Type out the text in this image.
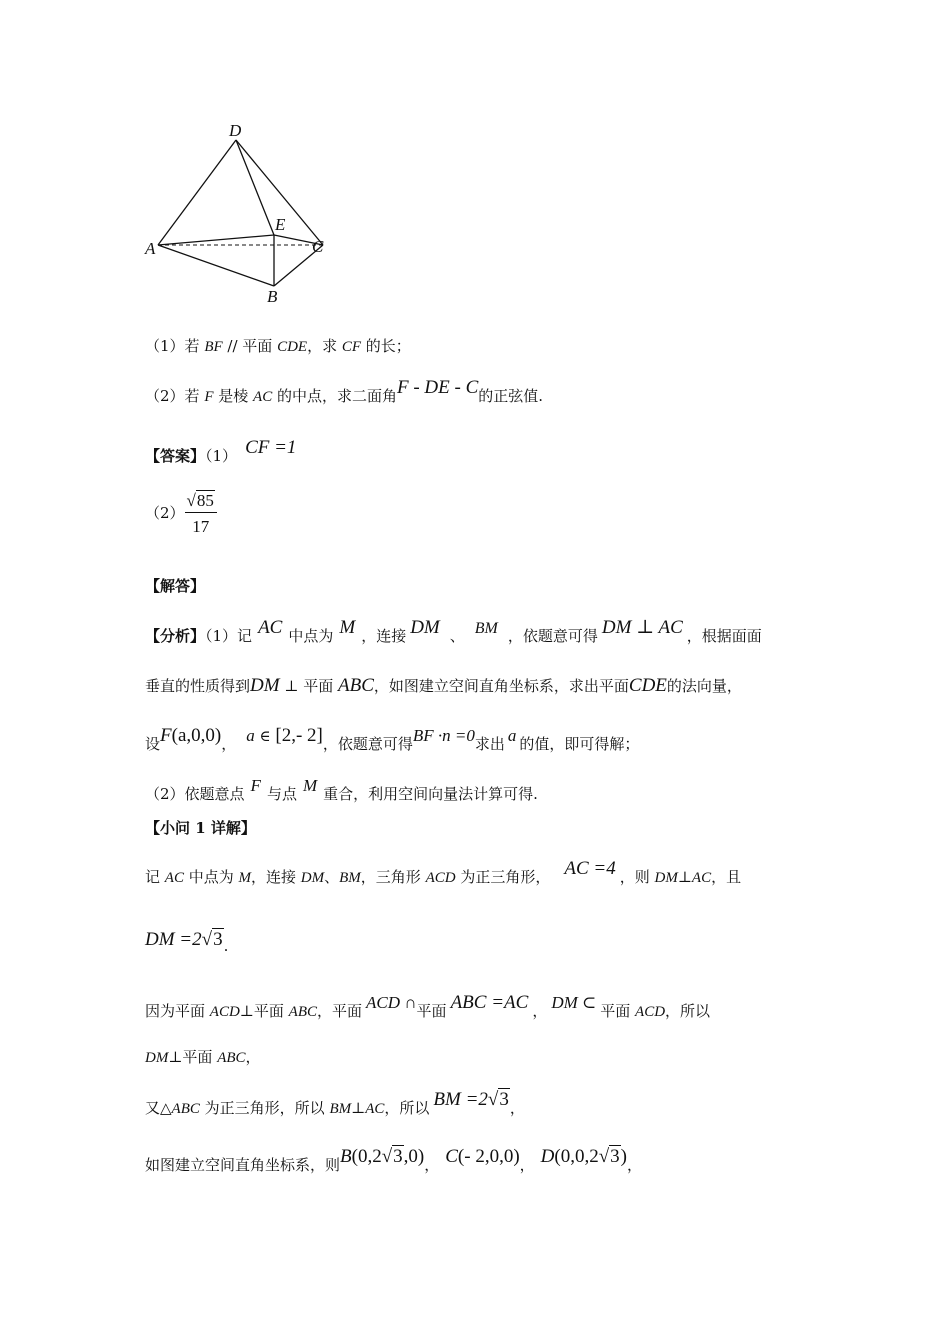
D
A
E
C
B
（1）若 BF // 平面 CDE，求 CF 的长；
（2）若 F 是棱 AC 的中点，求二面角F - DE - C的正弦值.
【答案】（1） CF =1
$(2) \frac{√85}{17}$
【解答】
【分析】（1）记 AC 中点为 M ，连接 DM 、 BM ，依题意可得 DM ⊥ AC ，根据面面
垂直的性质得到DM ⊥ 平面 ABC，如图建立空间直角坐标系，求出平面CDE的法向量，
设F(a,0,0)， a ∈ [2,- 2]，依题意可得BF ·n =0求出 a 的值，即可得解；
（2）依题意点 F 与点 M 重合，利用空间向量法计算可得.
【小问 1 详解】
记 AC 中点为 M，连接 DM、BM，三角形 ACD 为正三角形， AC =4 ，则 DM⊥AC，且
DM =2√3.
因为平面 ACD⊥平面 ABC，平面 ACD ∩平面 ABC =AC ， DM ⊂ 平面 ACD，所以
DM⊥平面 ABC，
又△ABC 为正三角形，所以 BM⊥AC，所以 BM =2√3，
如图建立空间直角坐标系，则B(0,2√3,0)， C(- 2,0,0)， D(0,0,2√3)，
